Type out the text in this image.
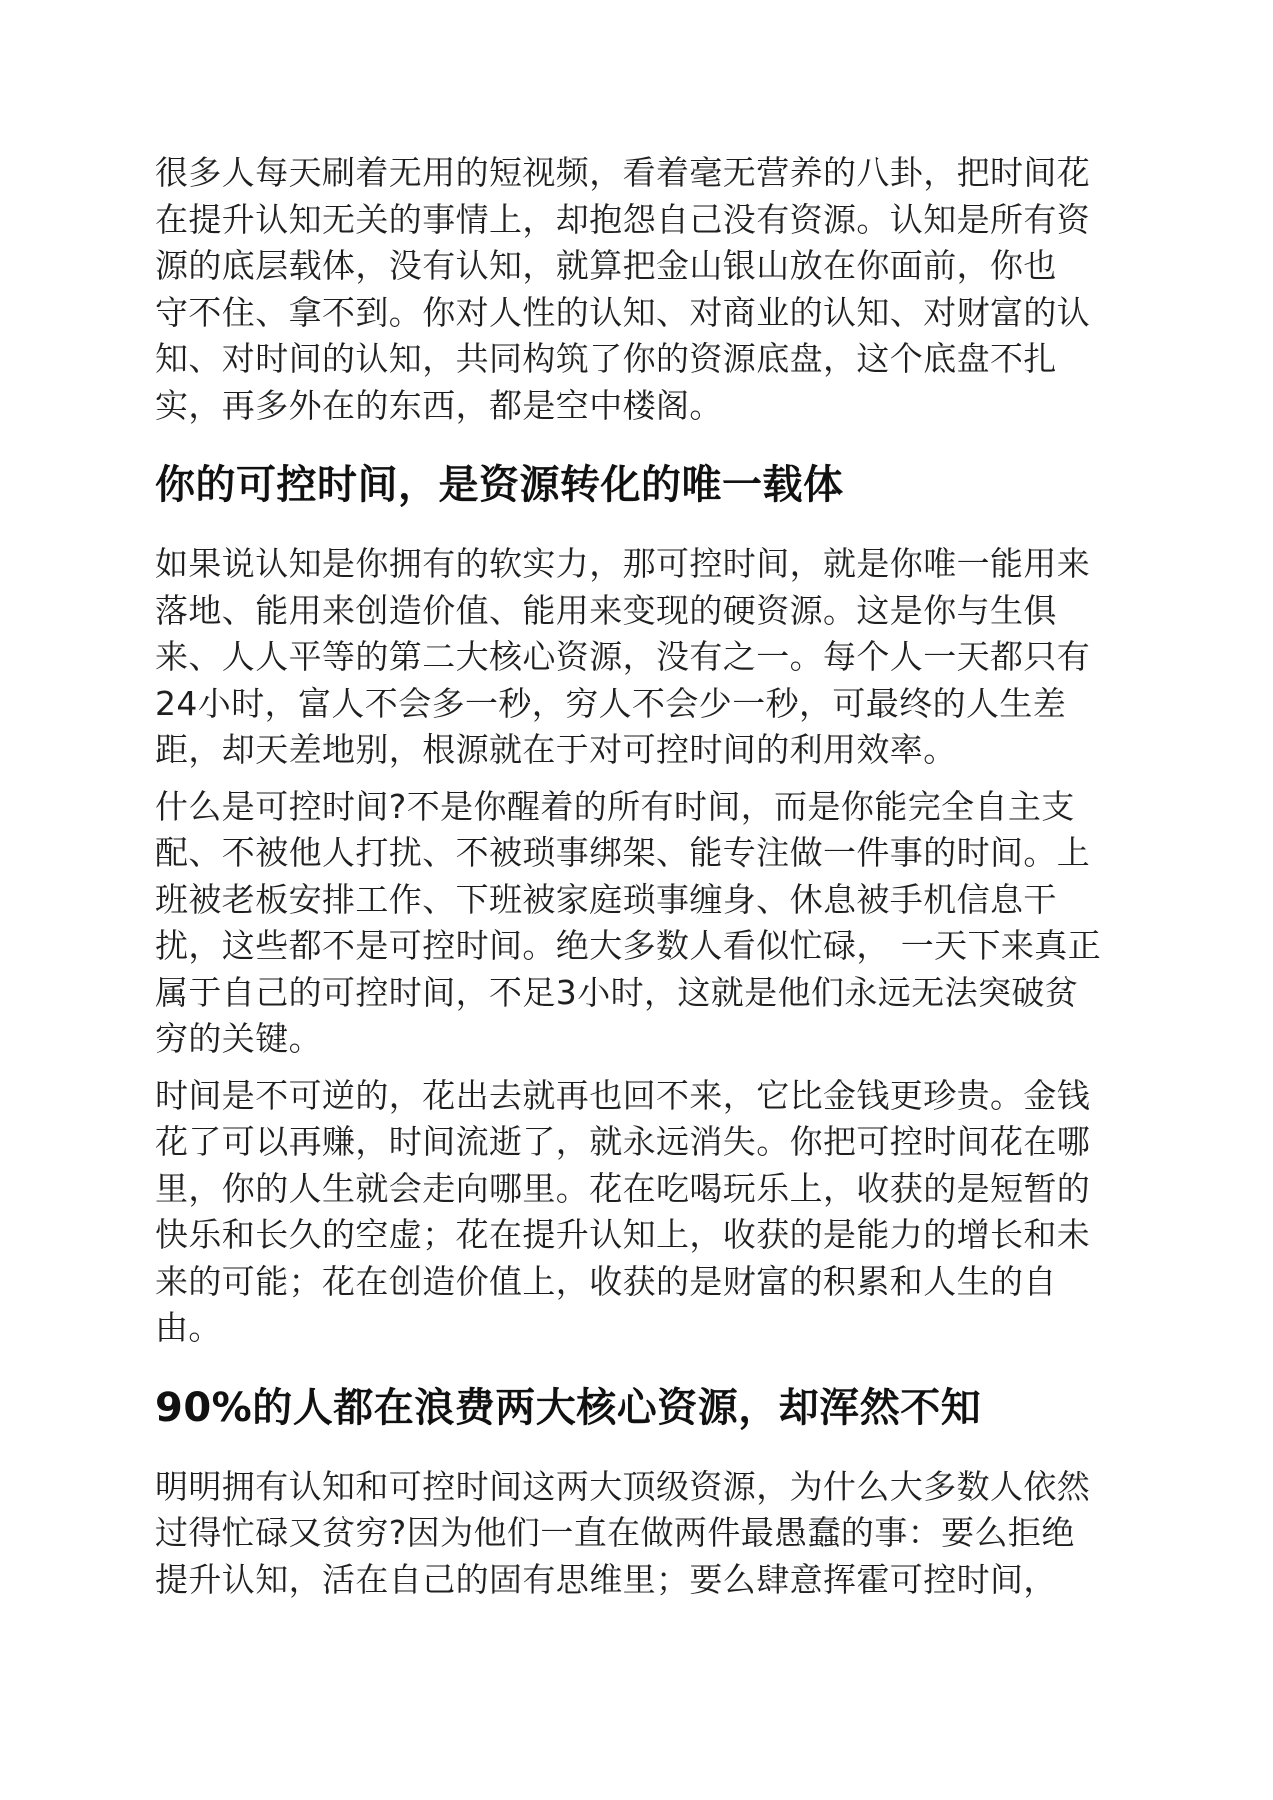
很多人每天刷着无用的短视频，看着毫无营养的八卦，把时间花
在提升认知无关的事情上，却抱怨自己没有资源。认知是所有资
源的底层载体，没有认知，就算把金山银山放在你面前，你也
守不住、拿不到。你对人性的认知、对商业的认知、对财富的认
知、对时间的认知，共同构筑了你的资源底盘，这个底盘不扎
实，再多外在的东西，都是空中楼阁。

你的可控时间，是资源转化的唯一载体

如果说认知是你拥有的软实力，那可控时间，就是你唯一能用来
落地、能用来创造价值、能用来变现的硬资源。这是你与生俱
来、人人平等的第二大核心资源，没有之一。每个人一天都只有
24小时，富人不会多一秒，穷人不会少一秒，可最终的人生差
距，却天差地别，根源就在于对可控时间的利用效率。

什么是可控时间?不是你醒着的所有时间，而是你能完全自主支
配、不被他人打扰、不被琐事绑架、能专注做一件事的时间。上
班被老板安排工作、下班被家庭琐事缠身、休息被手机信息干
扰，这些都不是可控时间。绝大多数人看似忙碌， 一天下来真正
属于自己的可控时间，不足3小时，这就是他们永远无法突破贫
穷的关键。

时间是不可逆的，花出去就再也回不来，它比金钱更珍贵。金钱
花了可以再赚，时间流逝了，就永远消失。你把可控时间花在哪
里，你的人生就会走向哪里。花在吃喝玩乐上，收获的是短暂的
快乐和长久的空虚；花在提升认知上，收获的是能力的增长和未
来的可能；花在创造价值上，收获的是财富的积累和人生的自
由。

90%的人都在浪费两大核心资源，却浑然不知

明明拥有认知和可控时间这两大顶级资源，为什么大多数人依然
过得忙碌又贫穷?因为他们一直在做两件最愚蠢的事：要么拒绝
提升认知，活在自己的固有思维里；要么肆意挥霍可控时间，
